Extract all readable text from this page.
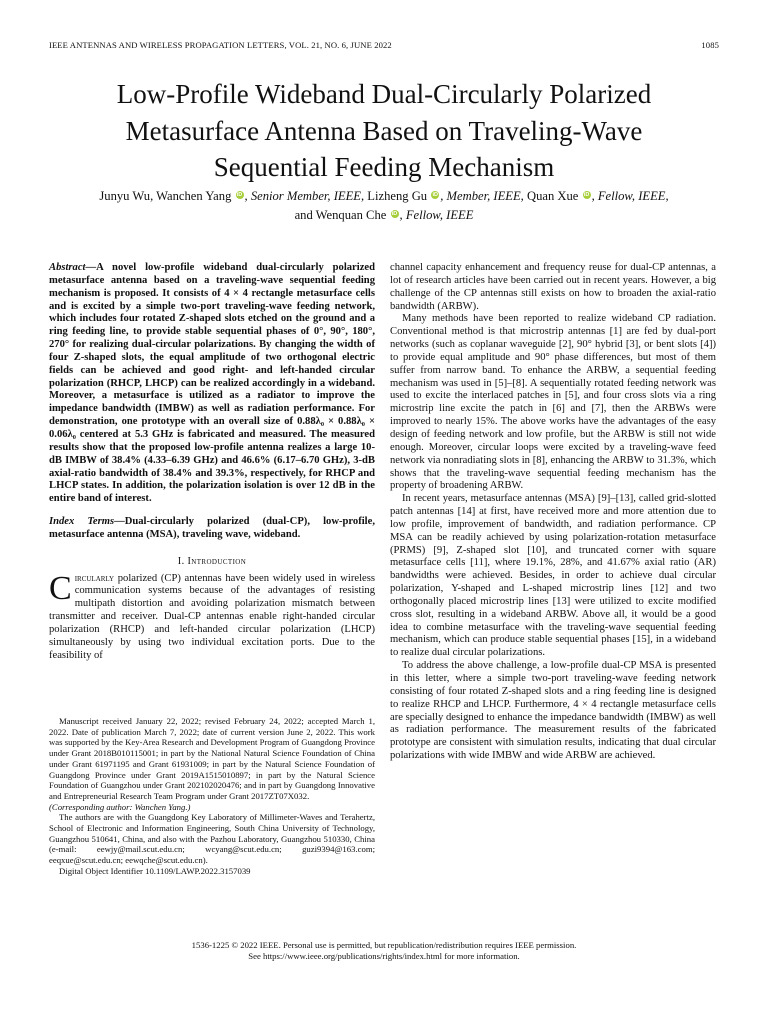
IEEE ANTENNAS AND WIRELESS PROPAGATION LETTERS, VOL. 21, NO. 6, JUNE 2022	1085
Low-Profile Wideband Dual-Circularly Polarized
Metasurface Antenna Based on Traveling-Wave
Sequential Feeding Mechanism
Junyu Wu, Wanchen Yang iD , Senior Member, IEEE, Lizheng Gu iD , Member, IEEE, Quan Xue iD , Fellow, IEEE,
and Wenquan Che iD , Fellow, IEEE

Abstract—A novel low-profile wideband dual-circularly polarized metasurface antenna based on a traveling-wave sequential feeding mechanism is proposed. It consists of 4 × 4 rectangle metasurface cells and is excited by a simple two-port traveling-wave feeding network, which includes four rotated Z-shaped slots etched on the ground and a ring feeding line, to provide stable sequential phases of 0°, 90°, 180°, 270° for realizing dual-circular polarizations. By changing the width of four Z-shaped slots, the equal amplitude of two orthogonal electric fields can be achieved and good right- and left-handed circular polarization (RHCP, LHCP) can be realized accordingly in a wideband. Moreover, a metasurface is utilized as a radiator to improve the impedance bandwidth (IMBW) as well as radiation performance. For demonstration, one prototype with an overall size of 0.88λ₀ × 0.88λ₀ × 0.06λ₀ centered at 5.3 GHz is fabricated and measured. The measured results show that the proposed low-profile antenna realizes a large 10-dB IMBW of 38.4% (4.33–6.39 GHz) and 46.6% (6.17–6.70 GHz), 3-dB axial-ratio bandwidth of 38.4% and 39.3%, respectively, for RHCP and LHCP states. In addition, the polarization isolation is over 12 dB in the entire band of interest.

Index Terms—Dual-circularly polarized (dual-CP), low-profile, metasurface antenna (MSA), traveling wave, wideband.

I. Introduction

Circularly polarized (CP) antennas have been widely used in wireless communication systems because of the advantages of resisting multipath distortion and avoiding polarization mismatch between transmitter and receiver. Dual-CP antennas enable right-handed circular polarization (RHCP) and left-handed circular polarization (LHCP) simultaneously by using two individual excitation ports. Due to the feasibility of

Manuscript received January 22, 2022; revised February 24, 2022; accepted March 1, 2022. Date of publication March 7, 2022; date of current version June 2, 2022. This work was supported by the Key-Area Research and Development Program of Guangdong Province under Grant 2018B010115001; in part by the National Natural Science Foundation of China under Grant 61971195 and Grant 61931009; in part by the Natural Science Foundation of Guangdong Province under Grant 2019A1515010897; in part by the Natural Science Foundation of Guangzhou under Grant 202102020476; and in part by Guangdong Innovative and Entrepreneurial Research Team Program under Grant 2017ZT07X032.

(Corresponding author: Wanchen Yang.)

The authors are with the Guangdong Key Laboratory of Millimeter-Waves and Terahertz, School of Electronic and Information Engineering, South China University of Technology, Guangzhou 510641, China, and also with the Pazhou Laboratory, Guangzhou 510330, China (e-mail: eewjy@mail.scut.edu.cn; wcyang@scut.edu.cn; guzi9394@163.com; eeqxue@scut.edu.cn; eewqche@scut.edu.cn).

Digital Object Identifier 10.1109/LAWP.2022.3157039

channel capacity enhancement and frequency reuse for dual-CP antennas, a lot of research articles have been carried out in recent years. However, a big challenge of the CP antennas still exists on how to broaden the axial-ratio bandwidth (ARBW).

Many methods have been reported to realize wideband CP radiation. Conventional method is that microstrip antennas [1] are fed by dual-port networks (such as coplanar waveguide [2], 90° hybrid [3], or bent slots [4]) to provide equal amplitude and 90° phase differences, but most of them suffer from narrow band. To enhance the ARBW, a sequential feeding mechanism was used in [5]–[8]. A sequentially rotated feeding network was used to excite the interlaced patches in [5], and four cross slots via a ring microstrip line excite the patch in [6] and [7], then the ARBWs were improved to nearly 15%. The above works have the advantages of the easy design of feeding network and low profile, but the ARBW is still not wide enough. Moreover, circular loops were excited by a traveling-wave feed network via nonradiating slots in [8], enhancing the ARBW to 31.3%, which shows that the traveling-wave sequential feeding mechanism has the property of broadening ARBW.

In recent years, metasurface antennas (MSA) [9]–[13], called grid-slotted patch antennas [14] at first, have received more and more attention due to low profile, improvement of bandwidth, and radiation performance. CP MSA can be readily achieved by using polarization-rotation metasurface (PRMS) [9], Z-shaped slot [10], and truncated corner with square metasurface cells [11], where 19.1%, 28%, and 41.67% axial ratio (AR) bandwidths were achieved. Besides, in order to achieve dual circular polarization, Y-shaped and L-shaped microstrip lines [12] and two orthogonally placed microstrip lines [13] were utilized to excite modified cross slot, resulting in a wideband ARBW. Above all, it would be a good idea to combine metasurface with the traveling-wave sequential feeding mechanism, which can produce stable sequential phases [15], in a wideband to realize dual circular polarizations.

To address the above challenge, a low-profile dual-CP MSA is presented in this letter, where a simple two-port traveling-wave feeding network consisting of four rotated Z-shaped slots and a ring feeding line is designed to realize RHCP and LHCP. Furthermore, 4 × 4 rectangle metasurface cells are specially designed to enhance the impedance bandwidth (IMBW) as well as radiation performance. The measurement results of the fabricated prototype are consistent with simulation results, indicating that dual circular polarizations with wide IMBW and wide ARBW are achieved.

1536-1225 © 2022 IEEE. Personal use is permitted, but republication/redistribution requires IEEE permission.
See https://www.ieee.org/publications/rights/index.html for more information.
